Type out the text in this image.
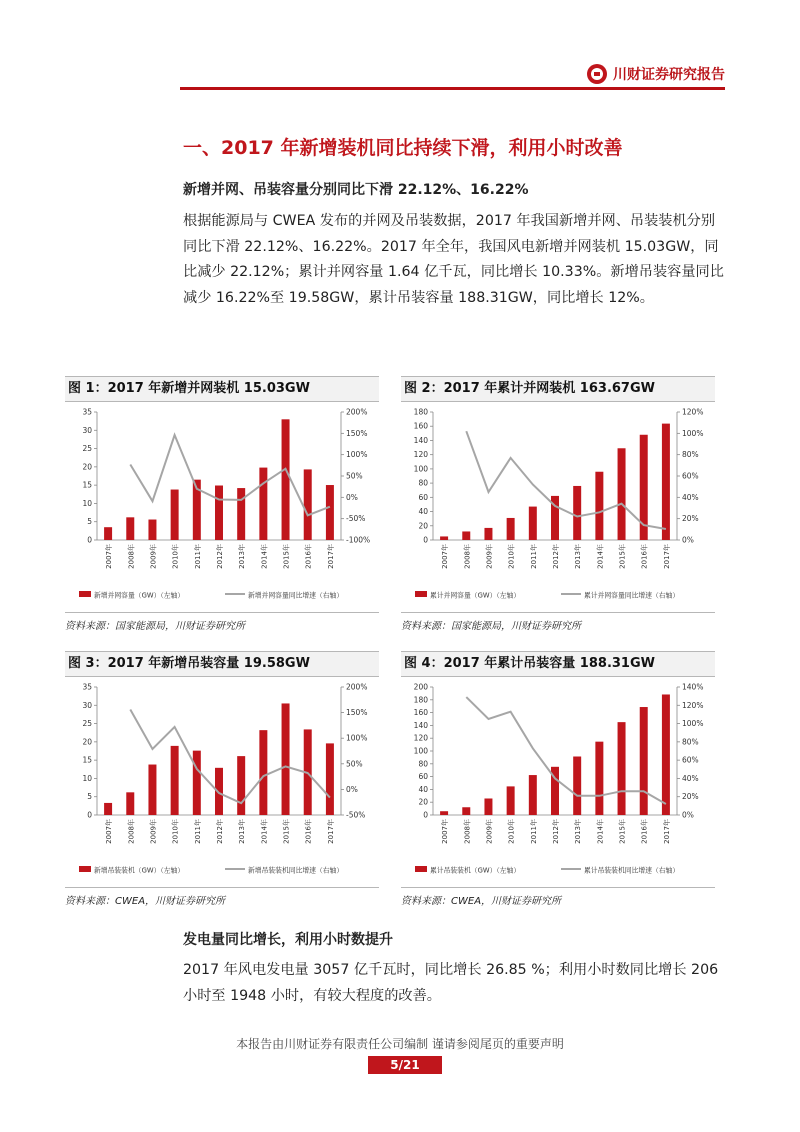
川财证券研究报告
一、2017 年新增装机同比持续下滑，利用小时改善
新增并网、吊装容量分别同比下滑 22.12%、16.22%
根据能源局与 CWEA 发布的并网及吊装数据，2017 年我国新增并网、吊装装机分别同比下滑 22.12%、16.22%。2017 年全年，我国风电新增并网装机 15.03GW，同比减少 22.12%；累计并网容量 1.64 亿千瓦，同比增长 10.33%。新增吊装容量同比减少 16.22%至 19.58GW，累计吊装容量 188.31GW，同比增长 12%。
图 1：2017 年新增并网装机 15.03GW
0
5
10
15
20
25
30
35
-100%
-50%
0%
50%
100%
150%
200%
2007年 2008年 2009年 2010年 2011年 2012年 2013年 2014年 2015年 2016年 2017年
新增并网容量（GW）（左轴）	新增并网容量同比增速（右轴）
资料来源：国家能源局，川财证券研究所
图 2：2017 年累计并网装机 163.67GW
0
20
40
60
80
100
120
140
160
180
0%
20%
40%
60%
80%
100%
120%
2007年 2008年 2009年 2010年 2011年 2012年 2013年 2014年 2015年 2016年 2017年
累计并网容量（GW）（左轴）	累计并网容量同比增速（右轴）
资料来源：国家能源局，川财证券研究所
图 3：2017 年新增吊装容量 19.58GW
0
5
10
15
20
25
30
35
-50%
0%
50%
100%
150%
200%
2007年 2008年 2009年 2010年 2011年 2012年 2013年 2014年 2015年 2016年 2017年
新增吊装装机（GW）（左轴）	新增吊装装机同比增速（右轴）
资料来源：CWEA，川财证券研究所
图 4：2017 年累计吊装容量 188.31GW
0
20
40
60
80
100
120
140
160
180
200
0%
20%
40%
60%
80%
100%
120%
140%
2007年 2008年 2009年 2010年 2011年 2012年 2013年 2014年 2015年 2016年 2017年
累计吊装装机（GW）（左轴）	累计吊装装机同比增速（右轴）
资料来源：CWEA，川财证券研究所
发电量同比增长，利用小时数提升
2017 年风电发电量 3057 亿千瓦时，同比增长 26.85 %；利用小时数同比增长 206 小时至 1948 小时，有较大程度的改善。
本报告由川财证券有限责任公司编制 谨请参阅尾页的重要声明
5/21
